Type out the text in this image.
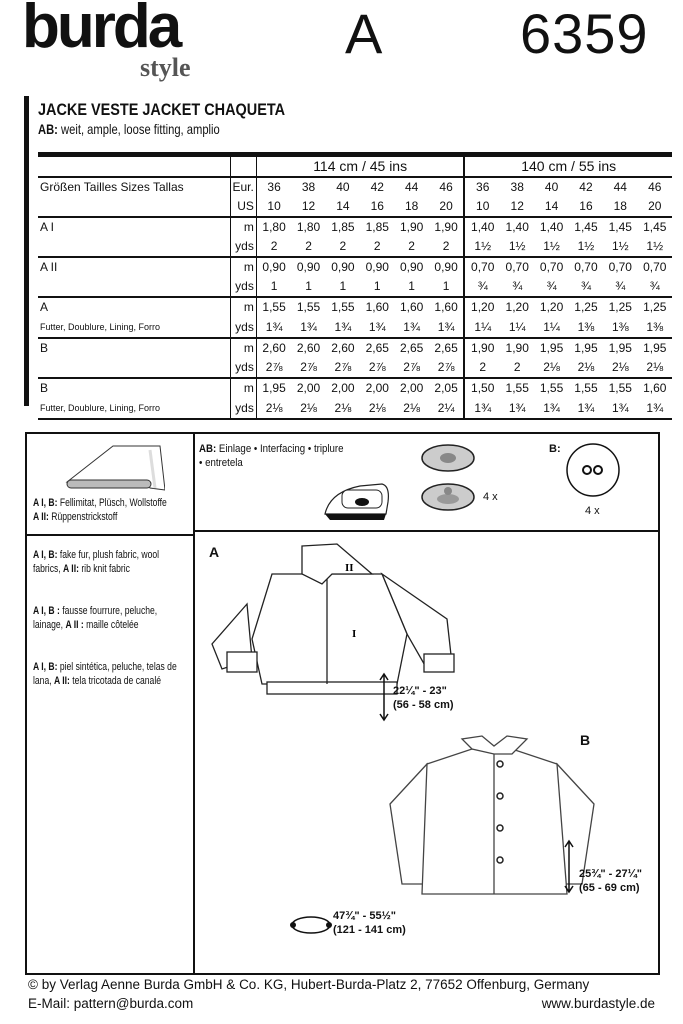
burda
style
A 6359
JACKE VESTE JACKET CHAQUETA
AB: weit, ample, loose fitting, amplio
		114 cm / 45 ins						140 cm / 55 ins					
Größen Tailles Sizes Tallas	Eur.	36	38	40	42	44	46	36	38	40	42	44	46
	US	10	12	14	16	18	20	10	12	14	16	18	20
A I	m	1,80	1,80	1,85	1,85	1,90	1,90	1,40	1,40	1,40	1,45	1,45	1,45
	yds	2	2	2	2	2	2	1½	1½	1½	1½	1½	1½
A II	m	0,90	0,90	0,90	0,90	0,90	0,90	0,70	0,70	0,70	0,70	0,70	0,70
	yds	1	1	1	1	1	1	¾	¾	¾	¾	¾	¾
A	m	1,55	1,55	1,55	1,60	1,60	1,60	1,20	1,20	1,20	1,25	1,25	1,25
Futter, Doublure, Lining, Forro	yds	1¾	1¾	1¾	1¾	1¾	1¾	1¼	1¼	1¼	1⅜	1⅜	1⅜
B	m	2,60	2,60	2,60	2,65	2,65	2,65	1,90	1,90	1,95	1,95	1,95	1,95
	yds	2⅞	2⅞	2⅞	2⅞	2⅞	2⅞	2	2	2⅛	2⅛	2⅛	2⅛
B	m	1,95	2,00	2,00	2,00	2,00	2,05	1,50	1,55	1,55	1,55	1,55	1,60
Futter, Doublure, Lining, Forro	yds	2⅛	2⅛	2⅛	2⅛	2⅛	2¼	1¾	1¾	1¾	1¾	1¾	1¾
A I, B: Fellimitat, Plüsch, Wollstoffe
A II: Rüppenstrickstoff
A I, B: fake fur, plush fabric, wool fabrics, A II: rib knit fabric
A I, B : fausse fourrure, peluche, lainage, A II : maille côtelée
A I, B: piel sintética, peluche, telas de lana, A II: tela tricotada de canalé
AB: Einlage • Interfacing • triplure • entretela
4 x
B:
4 x
A
II
I
22¼" - 23"
(56 - 58 cm)
B
25¾" - 27¼"
(65 - 69 cm)
47¾" - 55½"
(121 - 141 cm)
© by Verlag Aenne Burda GmbH & Co. KG, Hubert-Burda-Platz 2, 77652 Offenburg, Germany
E-Mail: pattern@burda.com	www.burdastyle.de
